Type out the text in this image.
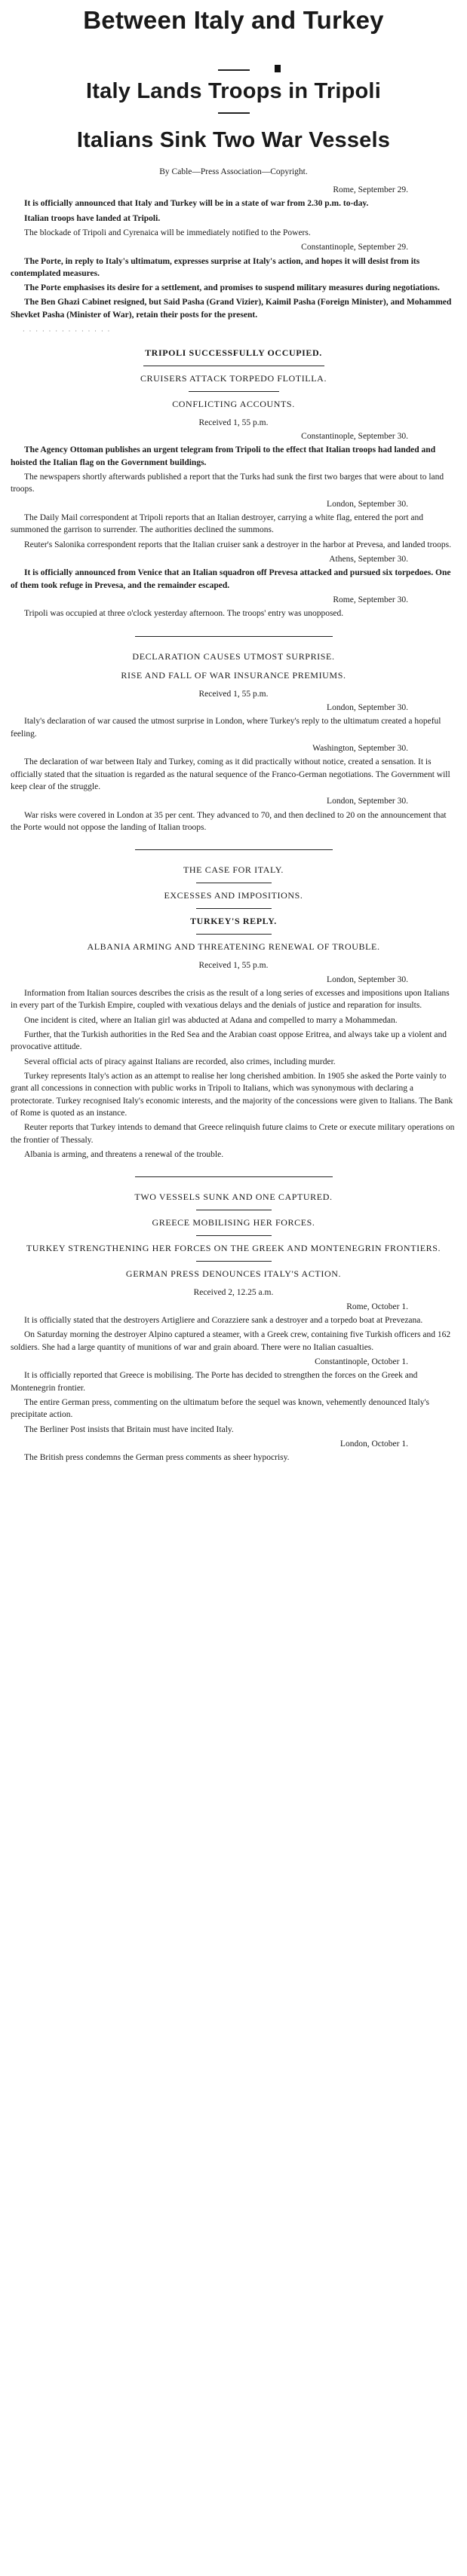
Between Italy and Turkey
Italy Lands Troops in Tripoli
Italians Sink Two War Vessels
By Cable—Press Association—Copyright.
Rome, September 29.

It is officially announced that Italy and Turkey will be in a state of war from 2.30 p.m. to-day.

Italian troops have landed at Tripoli.

The blockade of Tripoli and Cyrenaica will be immediately notified to the Powers.

Constantinople, September 29.

The Porte, in reply to Italy's ultimatum, expresses surprise at Italy's action, and hopes it will desist from its contemplated measures.

The Porte emphasises its desire for a settlement, and promises to suspend military measures during negotiations.

The Ben Ghazi Cabinet resigned, but Said Pasha (Grand Vizier), Kaimil Pasha (Foreign Minister), and Mohammed Shevket Pasha (Minister of War), retain their posts for the present.

· · · · · · · · · · · · · ·
TRIPOLI SUCCESSFULLY OCCUPIED.
CRUISERS ATTACK TORPEDO FLOTILLA.
CONFLICTING ACCOUNTS.
Received 1, 55 p.m.
Constantinople, September 30.

The Agency Ottoman publishes an urgent telegram from Tripoli to the effect that Italian troops had landed and hoisted the Italian flag on the Government buildings.

The newspapers shortly afterwards published a report that the Turks had sunk the first two barges that were about to land troops.

London, September 30.

The Daily Mail correspondent at Tripoli reports that an Italian destroyer, carrying a white flag, entered the port and summoned the garrison to surrender. The authorities declined the summons.

Reuter's Salonika correspondent reports that the Italian cruiser sank a destroyer in the harbor at Prevesa, and landed troops.

Athens, September 30.

It is officially announced from Venice that an Italian squadron off Prevesa attacked and pursued six torpedoes. One of them took refuge in Prevesa, and the remainder escaped.

Rome, September 30.

Tripoli was occupied at three o'clock yesterday afternoon. The troops' entry was unopposed.

DECLARATION CAUSES UTMOST SURPRISE.
RISE AND FALL OF WAR INSURANCE PREMIUMS.
Received 1, 55 p.m.
London, September 30.

Italy's declaration of war caused the utmost surprise in London, where Turkey's reply to the ultimatum created a hopeful feeling.

Washington, September 30.

The declaration of war between Italy and Turkey, coming as it did practically without notice, created a sensation. It is officially stated that the situation is regarded as the natural sequence of the Franco-German negotiations. The Government will keep clear of the struggle.

London, September 30.

War risks were covered in London at 35 per cent. They advanced to 70, and then declined to 20 on the announcement that the Porte would not oppose the landing of Italian troops.

THE CASE FOR ITALY.
EXCESSES AND IMPOSITIONS.
TURKEY'S REPLY.
ALBANIA ARMING AND THREATENING RENEWAL OF TROUBLE.
Received 1, 55 p.m.
London, September 30.

Information from Italian sources describes the crisis as the result of a long series of excesses and impositions upon Italians in every part of the Turkish Empire, coupled with vexatious delays and the denials of justice and reparation for insults.

One incident is cited, where an Italian girl was abducted at Adana and compelled to marry a Mohammedan.

Further, that the Turkish authorities in the Red Sea and the Arabian coast oppose Eritrea, and always take up a violent and provocative attitude.

Several official acts of piracy against Italians are recorded, also crimes, including murder.

Turkey represents Italy's action as an attempt to realise her long cherished ambition. In 1905 she asked the Porte vainly to grant all concessions in connection with public works in Tripoli to Italians, which was synonymous with declaring a protectorate. Turkey recognised Italy's economic interests, and the majority of the concessions were given to Italians. The Bank of Rome is quoted as an instance.

Reuter reports that Turkey intends to demand that Greece relinquish future claims to Crete or execute military operations on the frontier of Thessaly.

Albania is arming, and threatens a renewal of the trouble.

TWO VESSELS SUNK AND ONE CAPTURED.
GREECE MOBILISING HER FORCES.
TURKEY STRENGTHENING HER FORCES ON THE GREEK AND MONTENEGRIN FRONTIERS.
GERMAN PRESS DENOUNCES ITALY'S ACTION.
Received 2, 12.25 a.m.
Rome, October 1.

It is officially stated that the destroyers Artigliere and Corazziere sank a destroyer and a torpedo boat at Prevezana.

On Saturday morning the destroyer Alpino captured a steamer, with a Greek crew, containing five Turkish officers and 162 soldiers. She had a large quantity of munitions of war and grain aboard. There were no Italian casualties.

Constantinople, October 1.

It is officially reported that Greece is mobilising. The Porte has decided to strengthen the forces on the Greek and Montenegrin frontier.

The entire German press, commenting on the ultimatum before the sequel was known, vehemently denounced Italy's precipitate action.

The Berliner Post insists that Britain must have incited Italy.

London, October 1.

The British press condemns the German press comments as sheer hypocrisy.
